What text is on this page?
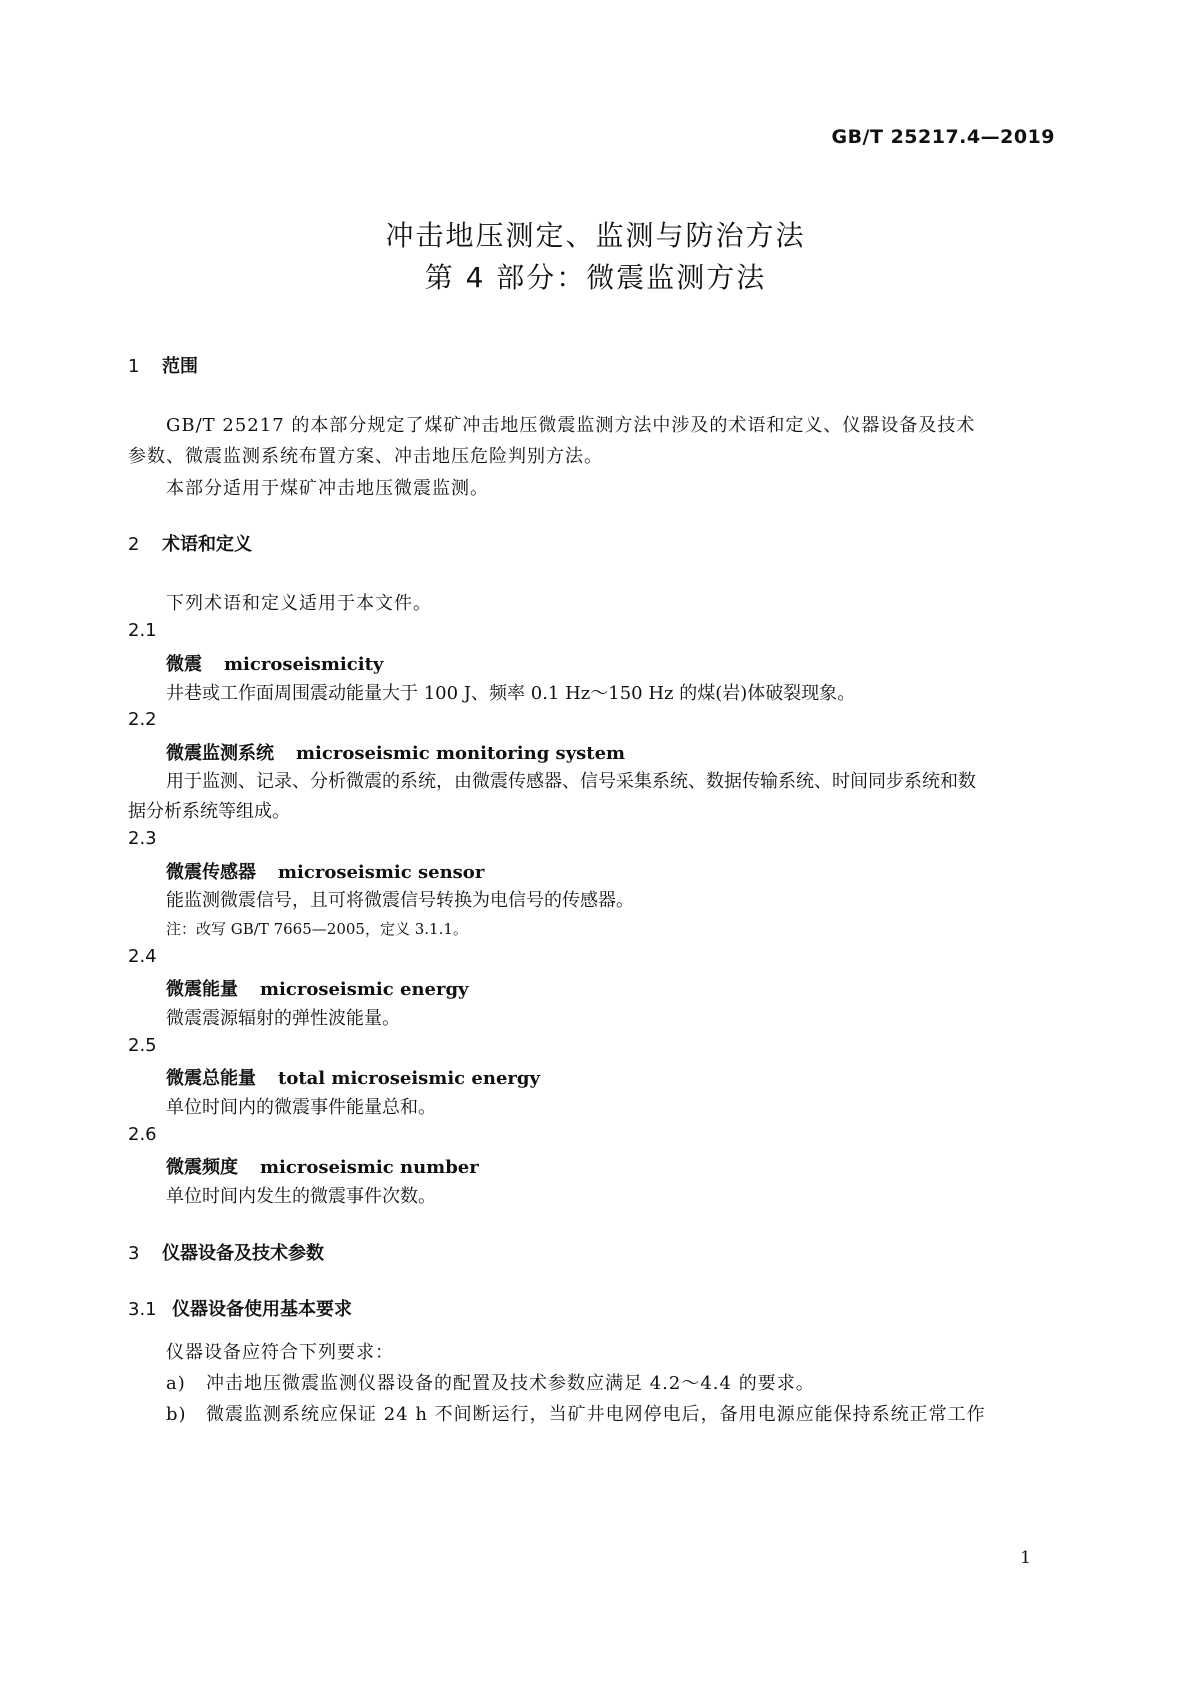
GB/T 25217.4—2019
冲击地压测定、监测与防治方法
第 4 部分：微震监测方法
1 范围
GB/T 25217 的本部分规定了煤矿冲击地压微震监测方法中涉及的术语和定义、仪器设备及技术
参数、微震监测系统布置方案、冲击地压危险判别方法。
本部分适用于煤矿冲击地压微震监测。
2 术语和定义
下列术语和定义适用于本文件。
2.1
微震 microseismicity
井巷或工作面周围震动能量大于 100 J、频率 0.1 Hz～150 Hz 的煤(岩)体破裂现象。
2.2
微震监测系统 microseismic monitoring system
用于监测、记录、分析微震的系统，由微震传感器、信号采集系统、数据传输系统、时间同步系统和数
据分析系统等组成。
2.3
微震传感器 microseismic sensor
能监测微震信号，且可将微震信号转换为电信号的传感器。
注：改写 GB/T 7665—2005，定义 3.1.1。
2.4
微震能量 microseismic energy
微震震源辐射的弹性波能量。
2.5
微震总能量 total microseismic energy
单位时间内的微震事件能量总和。
2.6
微震频度 microseismic number
单位时间内发生的微震事件次数。
3 仪器设备及技术参数
3.1 仪器设备使用基本要求
仪器设备应符合下列要求：
a) 冲击地压微震监测仪器设备的配置及技术参数应满足 4.2～4.4 的要求。
b) 微震监测系统应保证 24 h 不间断运行，当矿井电网停电后，备用电源应能保持系统正常工作
1
